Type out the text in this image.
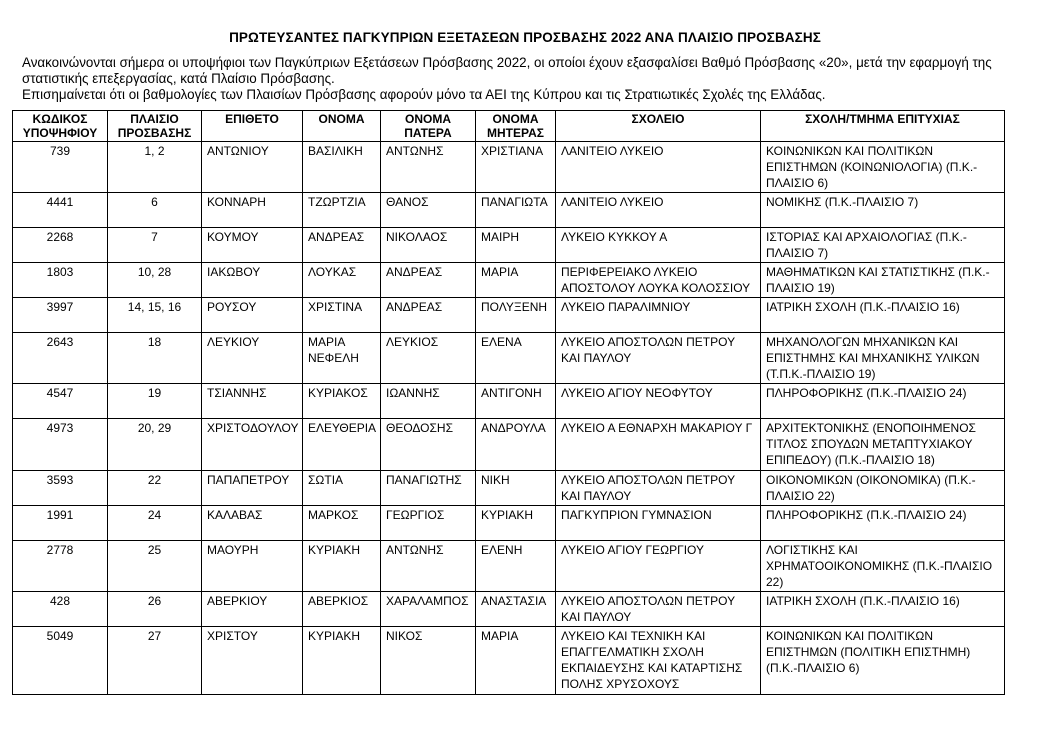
ΠΡΩΤΕΥΣΑΝΤΕΣ ΠΑΓΚΥΠΡΙΩΝ ΕΞΕΤΑΣΕΩΝ ΠΡΟΣΒΑΣΗΣ 2022 ΑΝΑ ΠΛΑΙΣΙΟ ΠΡΟΣΒΑΣΗΣ

Ανακοινώνονται σήμερα οι υποψήφιοι των Παγκύπριων Εξετάσεων Πρόσβασης 2022, οι οποίοι έχουν εξασφαλίσει Βαθμό Πρόσβασης «20», μετά την εφαρμογή της στατιστικής επεξεργασίας, κατά Πλαίσιο Πρόσβασης.

Επισημαίνεται ότι οι βαθμολογίες των Πλαισίων Πρόσβασης αφορούν μόνο τα ΑΕΙ της Κύπρου και τις Στρατιωτικές Σχολές της Ελλάδας.

ΚΩΔΙΚΟΣ ΥΠΟΨΗΦΙΟΥ	ΠΛΑΙΣΙΟ ΠΡΟΣΒΑΣΗΣ	ΕΠΙΘΕΤΟ	ΟΝΟΜΑ	ΟΝΟΜΑ ΠΑΤΕΡΑ	ΟΝΟΜΑ ΜΗΤΕΡΑΣ	ΣΧΟΛΕΙΟ	ΣΧΟΛΗ/ΤΜΗΜΑ ΕΠΙΤΥΧΙΑΣ
739	1, 2	ΑΝΤΩΝΙΟΥ	ΒΑΣΙΛΙΚΗ	ΑΝΤΩΝΗΣ	ΧΡΙΣΤΙΑΝΑ	ΛΑΝΙΤΕΙΟ ΛΥΚΕΙΟ	ΚΟΙΝΩΝΙΚΩΝ ΚΑΙ ΠΟΛΙΤΙΚΩΝ ΕΠΙΣΤΗΜΩΝ (ΚΟΙΝΩΝΙΟΛΟΓΙΑ) (Π.Κ.-ΠΛΑΙΣΙΟ 6)
4441	6	ΚΟΝΝΑΡΗ	ΤΖΩΡΤΖΙΑ	ΘΑΝΟΣ	ΠΑΝΑΓΙΩΤΑ	ΛΑΝΙΤΕΙΟ ΛΥΚΕΙΟ	ΝΟΜΙΚΗΣ (Π.Κ.-ΠΛΑΙΣΙΟ 7)
2268	7	ΚΟΥΜΟΥ	ΑΝΔΡΕΑΣ	ΝΙΚΟΛΑΟΣ	ΜΑΙΡΗ	ΛΥΚΕΙΟ ΚΥΚΚΟΥ Α	ΙΣΤΟΡΙΑΣ ΚΑΙ ΑΡΧΑΙΟΛΟΓΙΑΣ (Π.Κ.-ΠΛΑΙΣΙΟ 7)
1803	10, 28	ΙΑΚΩΒΟΥ	ΛΟΥΚΑΣ	ΑΝΔΡΕΑΣ	ΜΑΡΙΑ	ΠΕΡΙΦΕΡΕΙΑΚΟ ΛΥΚΕΙΟ ΑΠΟΣΤΟΛΟΥ ΛΟΥΚΑ ΚΟΛΟΣΣΙΟΥ	ΜΑΘΗΜΑΤΙΚΩΝ ΚΑΙ ΣΤΑΤΙΣΤΙΚΗΣ (Π.Κ.-ΠΛΑΙΣΙΟ 19)
3997	14, 15, 16	ΡΟΥΣΟΥ	ΧΡΙΣΤΙΝΑ	ΑΝΔΡΕΑΣ	ΠΟΛΥΞΕΝΗ	ΛΥΚΕΙΟ ΠΑΡΑΛΙΜΝΙΟΥ	ΙΑΤΡΙΚΗ ΣΧΟΛΗ (Π.Κ.-ΠΛΑΙΣΙΟ 16)
2643	18	ΛΕΥΚΙΟΥ	ΜΑΡΙΑ ΝΕΦΕΛΗ	ΛΕΥΚΙΟΣ	ΕΛΕΝΑ	ΛΥΚΕΙΟ ΑΠΟΣΤΟΛΩΝ ΠΕΤΡΟΥ ΚΑΙ ΠΑΥΛΟΥ	ΜΗΧΑΝΟΛΟΓΩΝ ΜΗΧΑΝΙΚΩΝ ΚΑΙ ΕΠΙΣΤΗΜΗΣ ΚΑΙ ΜΗΧΑΝΙΚΗΣ ΥΛΙΚΩΝ (Τ.Π.Κ.-ΠΛΑΙΣΙΟ 19)
4547	19	ΤΣΙΑΝΝΗΣ	ΚΥΡΙΑΚΟΣ	ΙΩΑΝΝΗΣ	ΑΝΤΙΓΟΝΗ	ΛΥΚΕΙΟ ΑΓΙΟΥ ΝΕΟΦΥΤΟΥ	ΠΛΗΡΟΦΟΡΙΚΗΣ (Π.Κ.-ΠΛΑΙΣΙΟ 24)
4973	20, 29	ΧΡΙΣΤΟΔΟΥΛΟΥ	ΕΛΕΥΘΕΡΙΑ	ΘΕΟΔΟΣΗΣ	ΑΝΔΡΟΥΛΑ	ΛΥΚΕΙΟ Α ΕΘΝΑΡΧΗ ΜΑΚΑΡΙΟΥ Γ	ΑΡΧΙΤΕΚΤΟΝΙΚΗΣ (ΕΝΟΠΟΙΗΜΕΝΟΣ ΤΙΤΛΟΣ ΣΠΟΥΔΩΝ ΜΕΤΑΠΤΥΧΙΑΚΟΥ ΕΠΙΠΕΔΟΥ) (Π.Κ.-ΠΛΑΙΣΙΟ 18)
3593	22	ΠΑΠΑΠΕΤΡΟΥ	ΣΩΤΙΑ	ΠΑΝΑΓΙΩΤΗΣ	ΝΙΚΗ	ΛΥΚΕΙΟ ΑΠΟΣΤΟΛΩΝ ΠΕΤΡΟΥ ΚΑΙ ΠΑΥΛΟΥ	ΟΙΚΟΝΟΜΙΚΩΝ (ΟΙΚΟΝΟΜΙΚΑ) (Π.Κ.-ΠΛΑΙΣΙΟ 22)
1991	24	ΚΑΛΑΒΑΣ	ΜΑΡΚΟΣ	ΓΕΩΡΓΙΟΣ	ΚΥΡΙΑΚΗ	ΠΑΓΚΥΠΡΙΟΝ ΓΥΜΝΑΣΙΟΝ	ΠΛΗΡΟΦΟΡΙΚΗΣ (Π.Κ.-ΠΛΑΙΣΙΟ 24)
2778	25	ΜΑΟΥΡΗ	ΚΥΡΙΑΚΗ	ΑΝΤΩΝΗΣ	ΕΛΕΝΗ	ΛΥΚΕΙΟ ΑΓΙΟΥ ΓΕΩΡΓΙΟΥ	ΛΟΓΙΣΤΙΚΗΣ ΚΑΙ ΧΡΗΜΑΤΟΟΙΚΟΝΟΜΙΚΗΣ (Π.Κ.-ΠΛΑΙΣΙΟ 22)
428	26	ΑΒΕΡΚΙΟΥ	ΑΒΕΡΚΙΟΣ	ΧΑΡΑΛΑΜΠΟΣ	ΑΝΑΣΤΑΣΙΑ	ΛΥΚΕΙΟ ΑΠΟΣΤΟΛΩΝ ΠΕΤΡΟΥ ΚΑΙ ΠΑΥΛΟΥ	ΙΑΤΡΙΚΗ ΣΧΟΛΗ (Π.Κ.-ΠΛΑΙΣΙΟ 16)
5049	27	ΧΡΙΣΤΟΥ	ΚΥΡΙΑΚΗ	ΝΙΚΟΣ	ΜΑΡΙΑ	ΛΥΚΕΙΟ ΚΑΙ ΤΕΧΝΙΚΗ ΚΑΙ ΕΠΑΓΓΕΛΜΑΤΙΚΗ ΣΧΟΛΗ ΕΚΠΑΙΔΕΥΣΗΣ ΚΑΙ ΚΑΤΑΡΤΙΣΗΣ ΠΟΛΗΣ ΧΡΥΣΟΧΟΥΣ	ΚΟΙΝΩΝΙΚΩΝ ΚΑΙ ΠΟΛΙΤΙΚΩΝ ΕΠΙΣΤΗΜΩΝ (ΠΟΛΙΤΙΚΗ ΕΠΙΣΤΗΜΗ) (Π.Κ.-ΠΛΑΙΣΙΟ 6)
